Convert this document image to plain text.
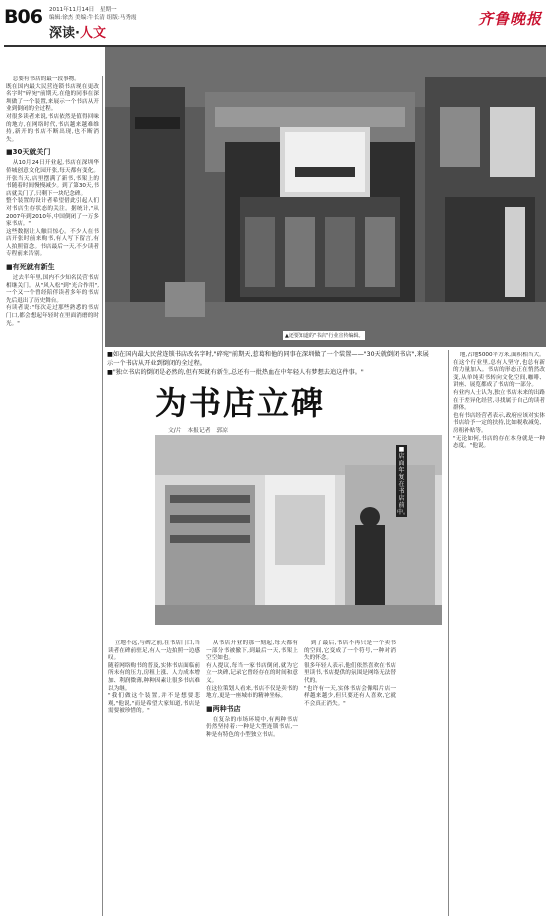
B06 2011年11月14日　星期一
编辑:徐杰 美编:牛长清 组版:马秀霞
深读·人文
齐鲁晚报
▲还要知道的"书店"行业宣传编辑。

总要有书店的最一段事物。
既在国内最大民营连锁书店现在更改名字时"碎宛"前期天,在他的同事在深圳做了一个装置,来展示一个书店从开业到倒闭的全过程。
对很多读者来说,书店依然是值得回味的地方,在网络时代,书店越来越难维持,新开的书店不断出现,也不断消失。

■30天就关门

从10月24日开业起,书店在深圳华侨城创意文化园开张,每天都有变化。开张当天,店里摆满了新书,书架上的书随着时间慢慢减少。到了第30天,书店就关门了,只剩下一块纪念碑。
整个装置的设计者希望借此引起人们对书店生存状态的关注。据统计,"从2007年到2010年,中国倒闭了一万多家书店。"
这些数据让人触目惊心。不少人在书店开张时前来购书,有人写下留言,有人拍照留念。书店最后一天,不少读者专程前来告别。

■有死就有新生

过去半年里,国内不少知名民营书店相继关门。从"风入松"到"光合作用",一个又一个曾经陪伴读者多年的书店先后退出了历史舞台。
有读者说:"每次走过那些熟悉的书店门口,都会想起年轻时在里面消磨的时光。"

■如在国内最大民营连锁书店改名字时,"碎宛"前期天,惹葛和他的同事在深圳做了一个装置——"30天就倒闭书店",来展示一个书店从开业到倒闭的全过程。
■"独立书店的倒闭是必然的,但有死就有新生,总还有一批热血在中年轻人有梦想去追这件事。"
为书店立碑
文/片　本报记者　郭凉
■ 店面年复在书店前中。

立地不远,与碑之前,在书店门口,当读者在碑前驻足,有人一边拍照一边感叹。
随着网络购书的普及,实体书店面临前所未有的压力,房租上涨、人力成本增加、利润微薄,种种因素让很多书店难以为继。
"我们做这个装置,并不是想要悲观,"他说,"而是希望大家知道,书店是需要被珍惜的。"

从书店开业的那一刻起,每天都有一部分书被撤下,到最后一天,书架上空空如也。
有人提议,每当一家书店倒闭,就为它立一块碑,记录它曾经存在的时间和意义。
在这位策划人看来,书店不仅是卖书的地方,更是一座城市的精神坐标。

■两种书店

在复杂的市场环境中,有两种书店仍然坚持着:一种是大型连锁书店,一种是有特色的小型独立书店。

到了最后,书店不再只是一个卖书的空间,它变成了一个符号,一种对消失的怀念。
很多年轻人表示,他们依然喜欢在书店里读书,书店提供的氛围是网络无法替代的。
"也许有一天,实体书店会像唱片店一样越来越少,但只要还有人喜欢,它就不会真正消失。"

地,占地5000平方米,面积相当大。
在这个行业里,总有人坚守,也总有新的力量加入。书店的形态正在悄然改变,从单纯卖书转向文化空间,咖啡、讲座、展览都成了书店的一部分。
有业内人士认为,独立书店未来的出路在于差异化经营,寻找属于自己的读者群体。
也有书店经营者表示,政府应该对实体书店给予一定的扶持,比如税收减免、房租补贴等。
"无论如何,书店的存在本身就是一种态度。"他说。
